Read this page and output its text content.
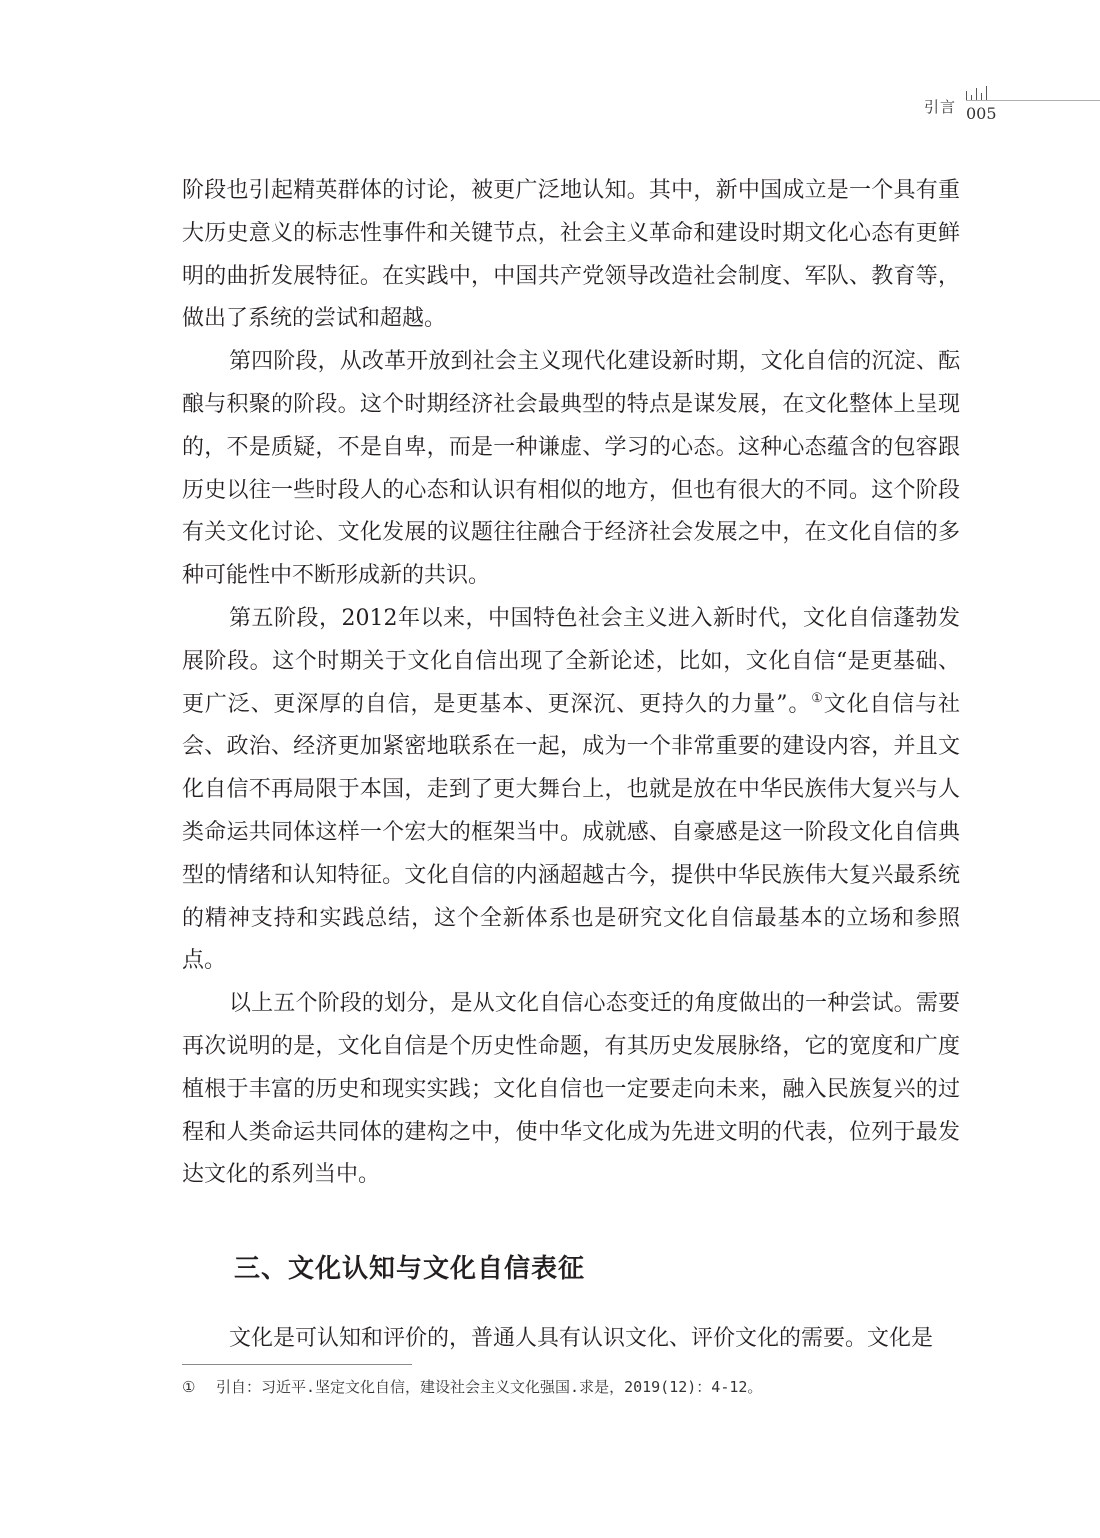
引言 005

阶段也引起精英群体的讨论，被更广泛地认知。其中，新中国成立是一个具有重大历史意义的标志性事件和关键节点，社会主义革命和建设时期文化心态有更鲜明的曲折发展特征。在实践中，中国共产党领导改造社会制度、军队、教育等，做出了系统的尝试和超越。

第四阶段，从改革开放到社会主义现代化建设新时期，文化自信的沉淀、酝酿与积聚的阶段。这个时期经济社会最典型的特点是谋发展，在文化整体上呈现的，不是质疑，不是自卑，而是一种谦虚、学习的心态。这种心态蕴含的包容跟历史以往一些时段人的心态和认识有相似的地方，但也有很大的不同。这个阶段有关文化讨论、文化发展的议题往往融合于经济社会发展之中，在文化自信的多种可能性中不断形成新的共识。

第五阶段，2012年以来，中国特色社会主义进入新时代，文化自信蓬勃发展阶段。这个时期关于文化自信出现了全新论述，比如，文化自信“是更基础、更广泛、更深厚的自信，是更基本、更深沉、更持久的力量”。①文化自信与社会、政治、经济更加紧密地联系在一起，成为一个非常重要的建设内容，并且文化自信不再局限于本国，走到了更大舞台上，也就是放在中华民族伟大复兴与人类命运共同体这样一个宏大的框架当中。成就感、自豪感是这一阶段文化自信典型的情绪和认知特征。文化自信的内涵超越古今，提供中华民族伟大复兴最系统的精神支持和实践总结，这个全新体系也是研究文化自信最基本的立场和参照点。

以上五个阶段的划分，是从文化自信心态变迁的角度做出的一种尝试。需要再次说明的是，文化自信是个历史性命题，有其历史发展脉络，它的宽度和广度植根于丰富的历史和现实实践；文化自信也一定要走向未来，融入民族复兴的过程和人类命运共同体的建构之中，使中华文化成为先进文明的代表，位列于最发达文化的系列当中。

三、文化认知与文化自信表征

文化是可认知和评价的，普通人具有认识文化、评价文化的需要。文化是

① 引自：习近平.坚定文化自信，建设社会主义文化强国.求是，2019(12)：4-12。
